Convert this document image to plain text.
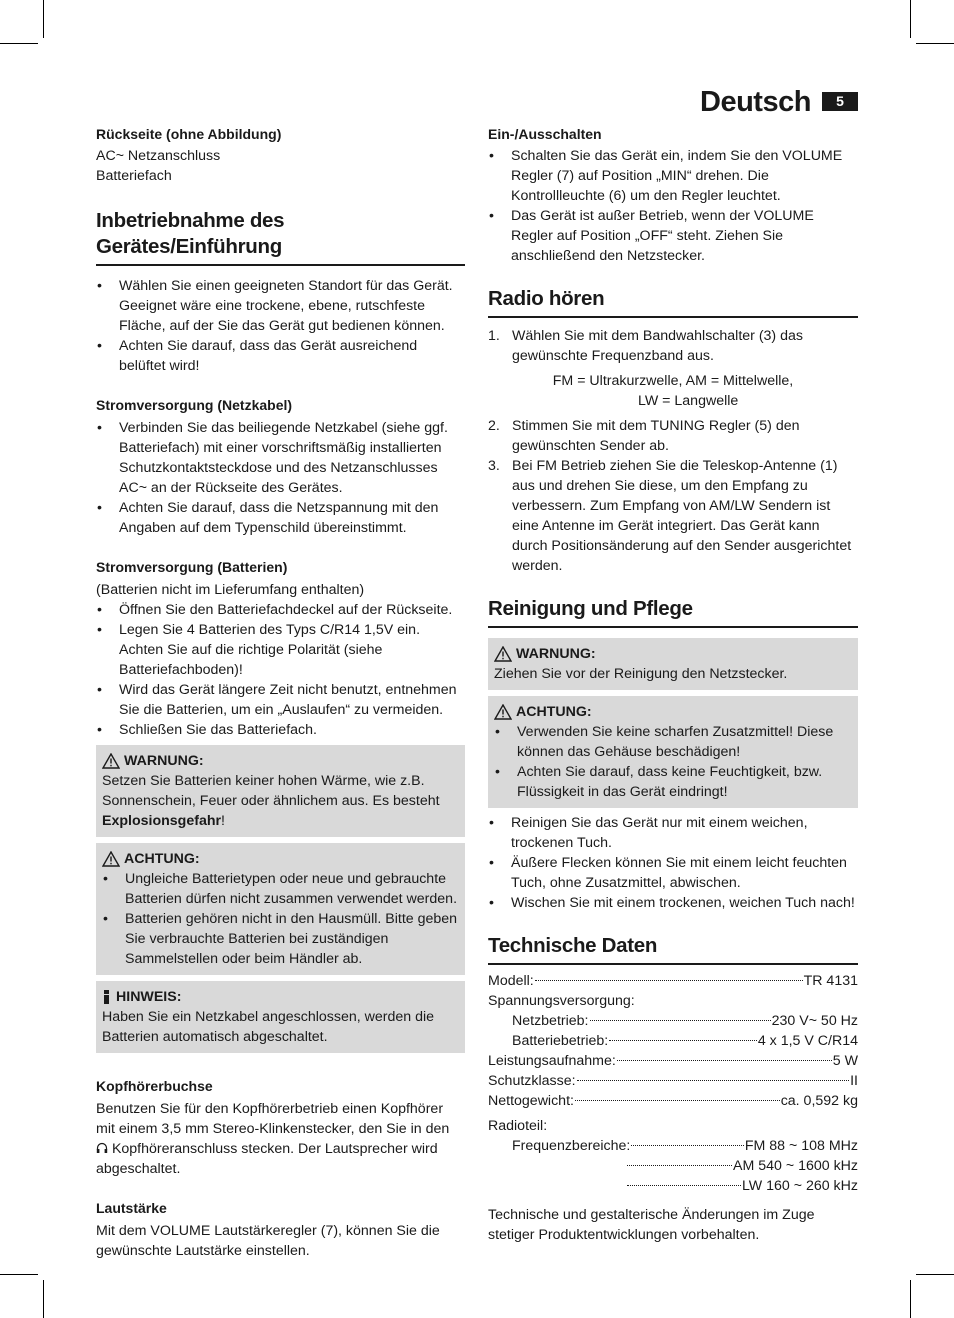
Deutsch	5

Rückseite (ohne Abbildung)

AC~ Netzanschluss

Batteriefach

Inbetriebnahme des Gerätes/Einführung
• Wählen Sie einen geeigneten Standort für das Gerät. Geeignet wäre eine trockene, ebene, rutschfeste Fläche, auf der Sie das Gerät gut bedienen können.
• Achten Sie darauf, dass das Gerät ausreichend belüftet wird!

Stromversorgung (Netzkabel)

• Verbinden Sie das beiliegende Netzkabel (siehe ggf. Batteriefach) mit einer vorschriftsmäßig installierten Schutzkontaktsteckdose und des Netzanschlusses AC~ an der Rückseite des Gerätes.
• Achten Sie darauf, dass die Netzspannung mit den Angaben auf dem Typenschild übereinstimmt.

Stromversorgung (Batterien)

(Batterien nicht im Lieferumfang enthalten)

• Öffnen Sie den Batteriefachdeckel auf der Rückseite.
• Legen Sie 4 Batterien des Typs C/R14 1,5V ein. Achten Sie auf die richtige Polarität (siehe Batteriefachboden)!
• Wird das Gerät längere Zeit nicht benutzt, entnehmen Sie die Batterien, um ein „Auslaufen“ zu vermeiden.
• Schließen Sie das Batteriefach.
WARNUNG:
Setzen Sie Batterien keiner hohen Wärme, wie z.B. Sonnenschein, Feuer oder ähnlichem aus. Es besteht Explosionsgefahr!
ACHTUNG:
• Ungleiche Batterietypen oder neue und gebrauchte Batterien dürfen nicht zusammen verwendet werden.
• Batterien gehören nicht in den Hausmüll. Bitte geben Sie verbrauchte Batterien bei zuständigen Sammelstellen oder beim Händler ab.
HINWEIS:
Haben Sie ein Netzkabel angeschlossen, werden die Batterien automatisch abgeschaltet.

Kopfhörerbuchse

Benutzen Sie für den Kopfhörerbetrieb einen Kopfhörer mit einem 3,5 mm Stereo-Klinkenstecker, den Sie in den  Kopfhöreranschluss stecken. Der Lautsprecher wird abgeschaltet.

Lautstärke

Mit dem VOLUME Lautstärkeregler (7), können Sie die gewünschte Lautstärke einstellen.

Ein-/Ausschalten

• Schalten Sie das Gerät ein, indem Sie den VOLUME Regler (7) auf Position „MIN“ drehen. Die Kontrollleuchte (6) um den Regler leuchtet.
• Das Gerät ist außer Betrieb, wenn der VOLUME Regler auf Position „OFF“ steht. Ziehen Sie anschließend den Netzstecker.
Radio hören
1. Wählen Sie mit dem Bandwahlschalter (3) das gewünschte Frequenzband aus.

FM = Ultrakurzwelle, AM = Mittelwelle,

LW = Langwelle

2. Stimmen Sie mit dem TUNING Regler (5) den gewünschten Sender ab.
3. Bei FM Betrieb ziehen Sie die Teleskop-Antenne (1) aus und drehen Sie diese, um den Empfang zu verbessern. Zum Empfang von AM/LW Sendern ist eine Antenne im Gerät integriert. Das Gerät kann durch Positionsänderung auf den Sender ausgerichtet werden.
Reinigung und Pflege
WARNUNG:
Ziehen Sie vor der Reinigung den Netzstecker.
ACHTUNG:
• Verwenden Sie keine scharfen Zusatzmittel! Diese können das Gehäuse beschädigen!
• Achten Sie darauf, dass keine Feuchtigkeit, bzw. Flüssigkeit in das Gerät eindringt!
• Reinigen Sie das Gerät nur mit einem weichen, trockenen Tuch.
• Äußere Flecken können Sie mit einem leicht feuchten Tuch, ohne Zusatzmittel, abwischen.
• Wischen Sie mit einem trockenen, weichen Tuch nach!
Technische Daten
Modell:	TR 4131
Spannungsversorgung:
Netzbetrieb:	230 V~ 50 Hz
Batteriebetrieb:	4 x 1,5 V C/R14
Leistungsaufnahme:	5 W
Schutzklasse:	II
Nettogewicht:	ca. 0,592 kg
Radioteil:
Frequenzbereiche:	FM 88 ~ 108 MHz
AM 540 ~ 1600 kHz
LW 160 ~ 260 kHz

Technische und gestalterische Änderungen im Zuge stetiger Produktentwicklungen vorbehalten.
